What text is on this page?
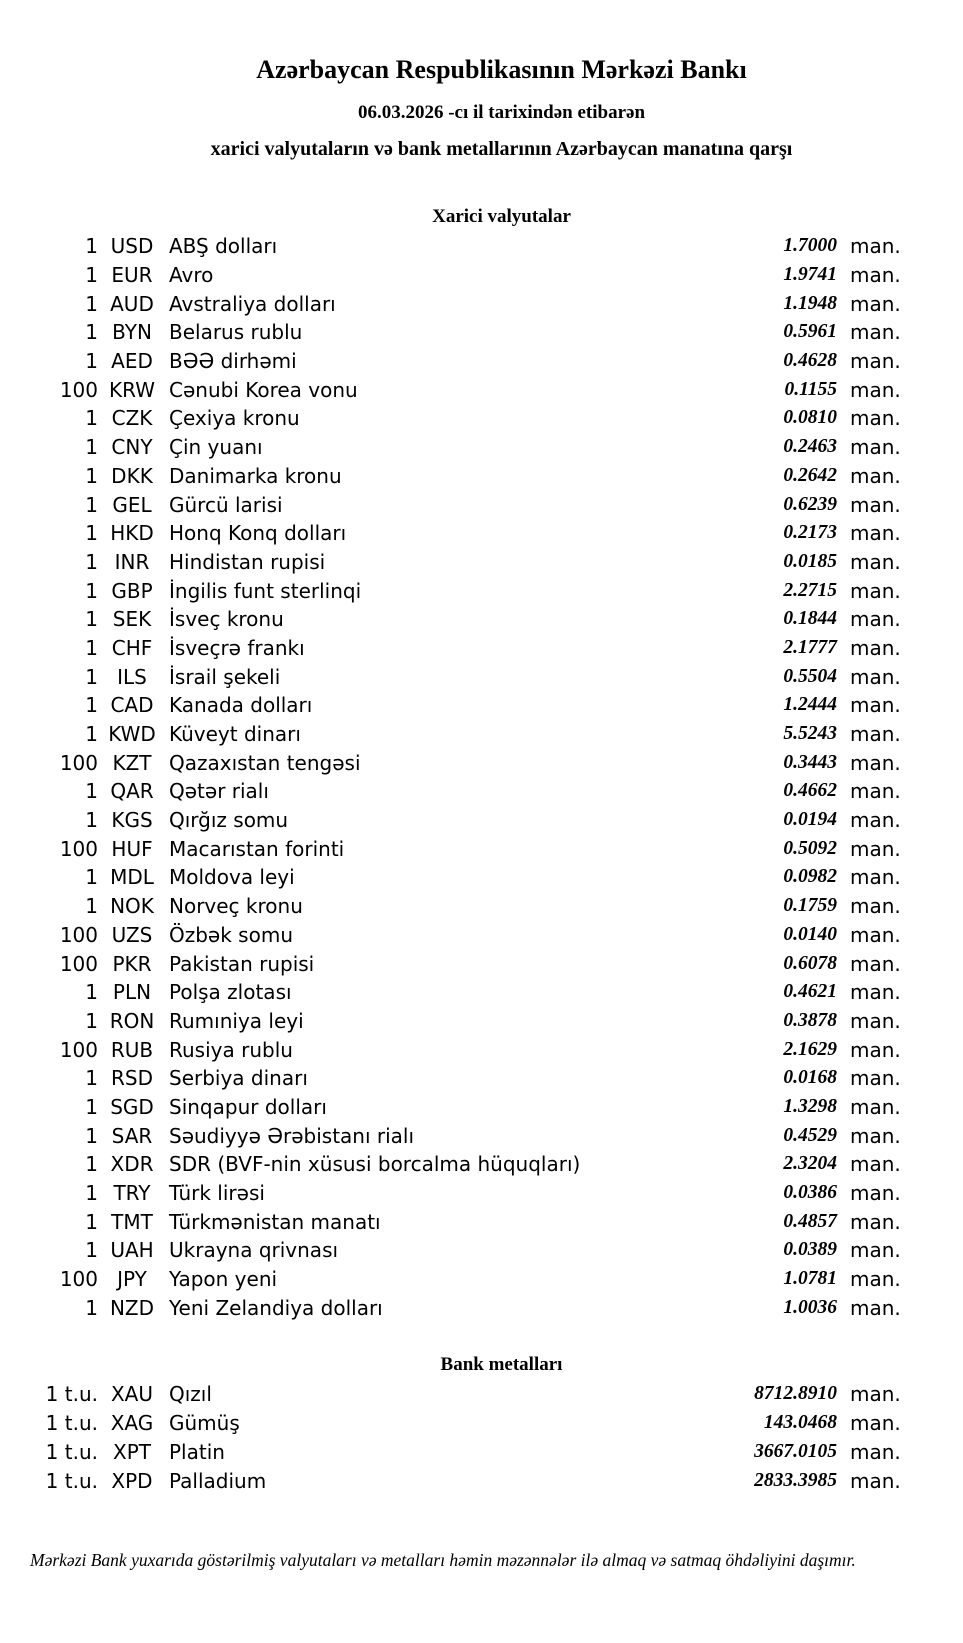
Azərbaycan Respublikasının Mərkəzi Bankı
06.03.2026 -cı il tarixindən etibarən
xarici valyutaların və bank metallarının Azərbaycan manatına qarşı
Xarici valyutalar
1 USD ABŞ dolları	1.7000 man.
1 EUR Avro	1.9741 man.
1 AUD Avstraliya dolları	1.1948 man.
1 BYN Belarus rublu	0.5961 man.
1 AED BƏƏ dirhəmi	0.4628 man.
100 KRW Cənubi Korea vonu	0.1155 man.
1 CZK Çexiya kronu	0.0810 man.
1 CNY Çin yuanı	0.2463 man.
1 DKK Danimarka kronu	0.2642 man.
1 GEL Gürcü larisi	0.6239 man.
1 HKD Honq Konq dolları	0.2173 man.
1 INR Hindistan rupisi	0.0185 man.
1 GBP İngilis funt sterlinqi	2.2715 man.
1 SEK İsveç kronu	0.1844 man.
1 CHF İsveçrə frankı	2.1777 man.
1 ILS	İsrail şekeli	0.5504 man.
1 CAD Kanada dolları	1.2444 man.
1 KWD Küveyt dinarı	5.5243 man.
100 KZT Qazaxıstan tengəsi	0.3443 man.
1 QAR Qətər rialı	0.4662 man.
1 KGS Qırğız somu	0.0194 man.
100 HUF Macarıstan forinti	0.5092 man.
1 MDL Moldova leyi	0.0982 man.
1 NOK Norveç kronu	0.1759 man.
100 UZS Özbək somu	0.0140 man.
100 PKR Pakistan rupisi	0.6078 man.
1 PLN Polşa zlotası	0.4621 man.
1 RON Rumıniya leyi	0.3878 man.
100 RUB Rusiya rublu	2.1629 man.
1 RSD Serbiya dinarı	0.0168 man.
1 SGD Sinqapur dolları	1.3298 man.
1 SAR Səudiyyə Ərəbistanı rialı	0.4529 man.
1 XDR SDR (BVF-nin xüsusi borcalma hüquqları)	2.3204 man.
1 TRY Türk lirəsi	0.0386 man.
1 TMT Türkmənistan manatı	0.4857 man.
1 UAH Ukrayna qrivnası	0.0389 man.
100 JPY	Yapon yeni	1.0781 man.
1 NZD Yeni Zelandiya dolları	1.0036 man.
Bank metalları
1 t.u. XAU Qızıl	8712.8910 man.
1 t.u. XAG Gümüş	143.0468 man.
1 t.u. XPT Platin	3667.0105 man.
1 t.u. XPD Palladium	2833.3985 man.
Mərkəzi Bank yuxarıda göstərilmiş valyutaları və metalları həmin məzənnələr ilə almaq və satmaq öhdəliyini daşımır.
